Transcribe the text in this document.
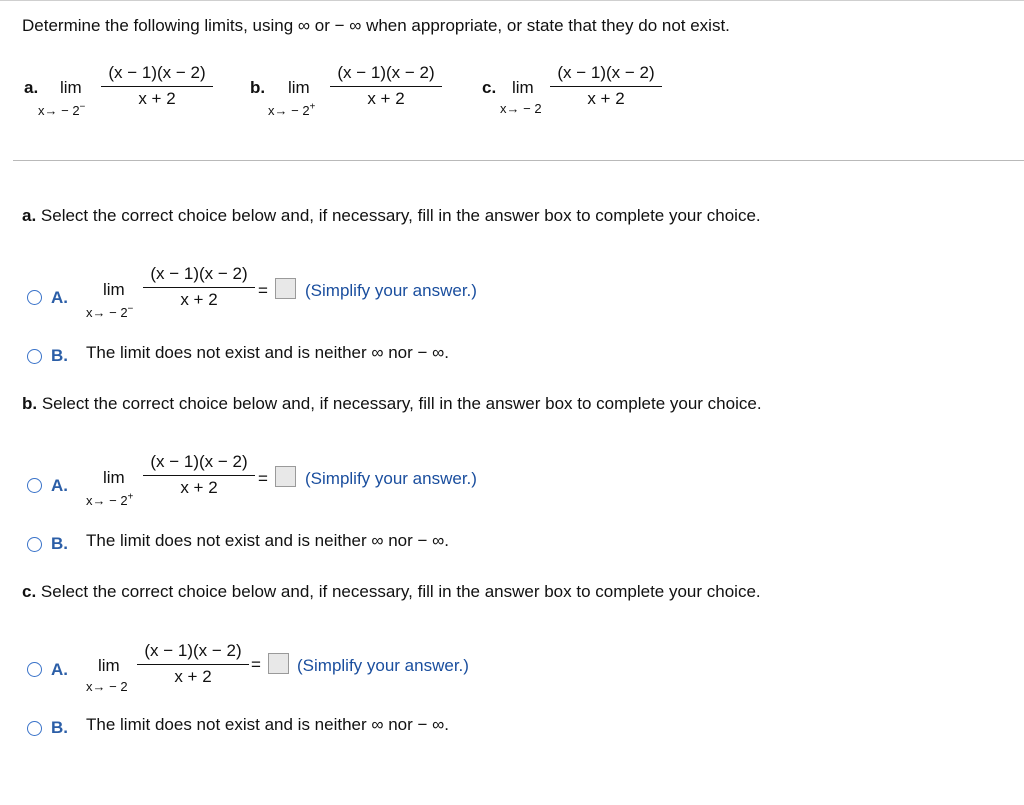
Determine the following limits, using ∞ or − ∞ when appropriate, or state that they do not exist.
a. lim
$x\to - 2^- \frac{(x - 1)(x - 2)}{x + 2} b$. lim
$x\to - 2^+ \frac{(x - 1)(x - 2)}{x + 2} c$. lim
$x\to - 2 \frac{(x - 1)(x - 2)}{x + 2}$
a. Select the correct choice below and, if necessary, fill in the answer box to complete your choice.
A. lim
$x\to - 2^- \frac{(x - 1)(x - 2)}{x + 2}$ = (Simplify your answer.)
B. The limit does not exist and is neither ∞ nor − ∞.
b. Select the correct choice below and, if necessary, fill in the answer box to complete your choice.
A. lim
$x\to - 2^+ \frac{(x - 1)(x - 2)}{x + 2}$ = (Simplify your answer.)
B. The limit does not exist and is neither ∞ nor − ∞.
c. Select the correct choice below and, if necessary, fill in the answer box to complete your choice.
A. lim
$x\to - 2 \frac{(x - 1)(x - 2)}{x + 2}$ = (Simplify your answer.)
B. The limit does not exist and is neither ∞ nor − ∞.
